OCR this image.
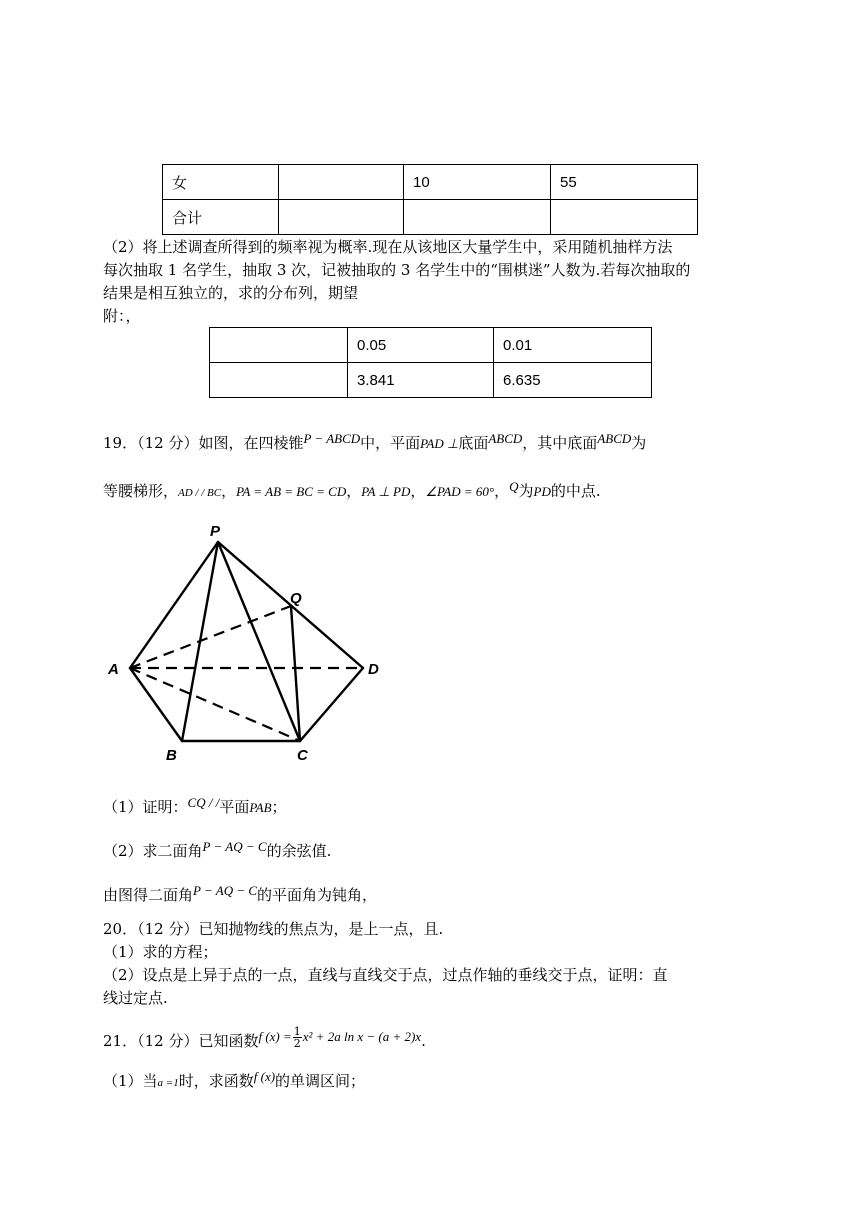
女		10	55
合计			
（2）将上述调查所得到的频率视为概率.现在从该地区大量学生中，采用随机抽样方法
每次抽取 1 名学生，抽取 3 次，记被抽取的 3 名学生中的“围棋迷”人数为.若每次抽取的
结果是相互独立的，求的分布列，期望
附：，
	0.05	0.01
	3.841	6.635
19．（12 分）如图，在四棱锥P − ABCD中，平面PAD ⊥底面ABCD，其中底面ABCD为
等腰梯形，AD / / BC，PA = AB = BC = CD，PA ⊥ PD，∠PAD = 60°，Q为PD的中点.
P
Q
A	D
B	C
（1）证明：CQ / /平面PAB；
（2）求二面角P − AQ − C的余弦值.
由图得二面角P − AQ − C的平面角为钝角，
20．（12 分）已知抛物线的焦点为，是上一点，且.
（1）求的方程；
（2）设点是上异于点的一点，直线与直线交于点，过点作轴的垂线交于点，证明：直
线过定点.
21．（12 分）已知函数f $(x) = \frac{1}{2} x^2 + 2a$ ln x − (a + 2)x.
（1）当a =1时，求函数f (x)的单调区间；
